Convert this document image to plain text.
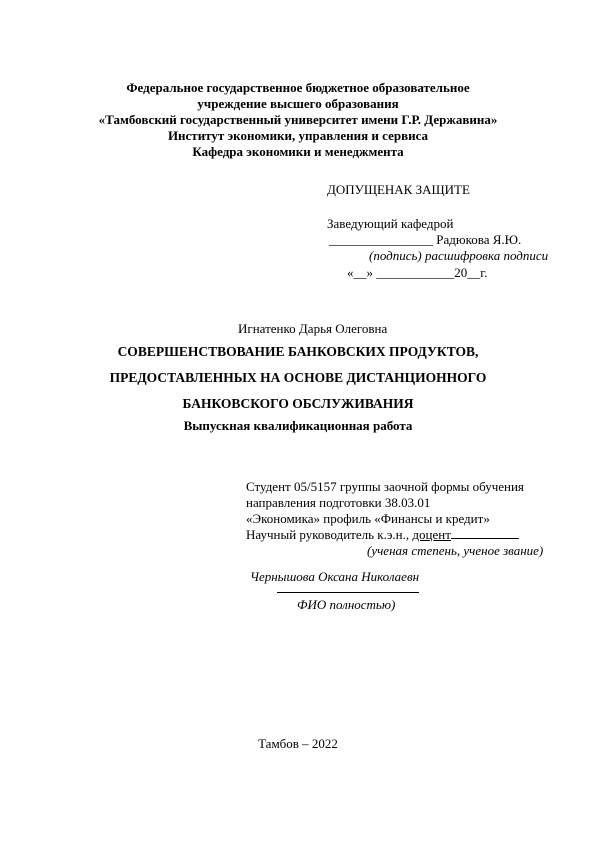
Федеральное государственное бюджетное образовательное
учреждение высшего образования
«Тамбовский государственный университет имени Г.Р. Державина»
Институт экономики, управления и сервиса
Кафедра экономики и менеджмента
ДОПУЩЕНАК ЗАЩИТЕ
Заведующий кафедрой
________________ Радюкова Я.Ю.
(подпись) расшифровка подписи
«__» ____________20__г.
Игнатенко Дарья Олеговна
СОВЕРШЕНСТВОВАНИЕ БАНКОВСКИХ ПРОДУКТОВ,
ПРЕДОСТАВЛЕННЫХ НА ОСНОВЕ ДИСТАНЦИОННОГО
БАНКОВСКОГО ОБСЛУЖИВАНИЯ
Выпускная квалификационная работа
Студент 05/5157 группы заочной формы обучения
направления подготовки 38.03.01
«Экономика» профиль «Финансы и кредит»
Научный руководитель к.э.н., доцент
(ученая степень, ученое звание)
Чернышова Оксана Николаевн
ФИО полностью)
Тамбов – 2022
